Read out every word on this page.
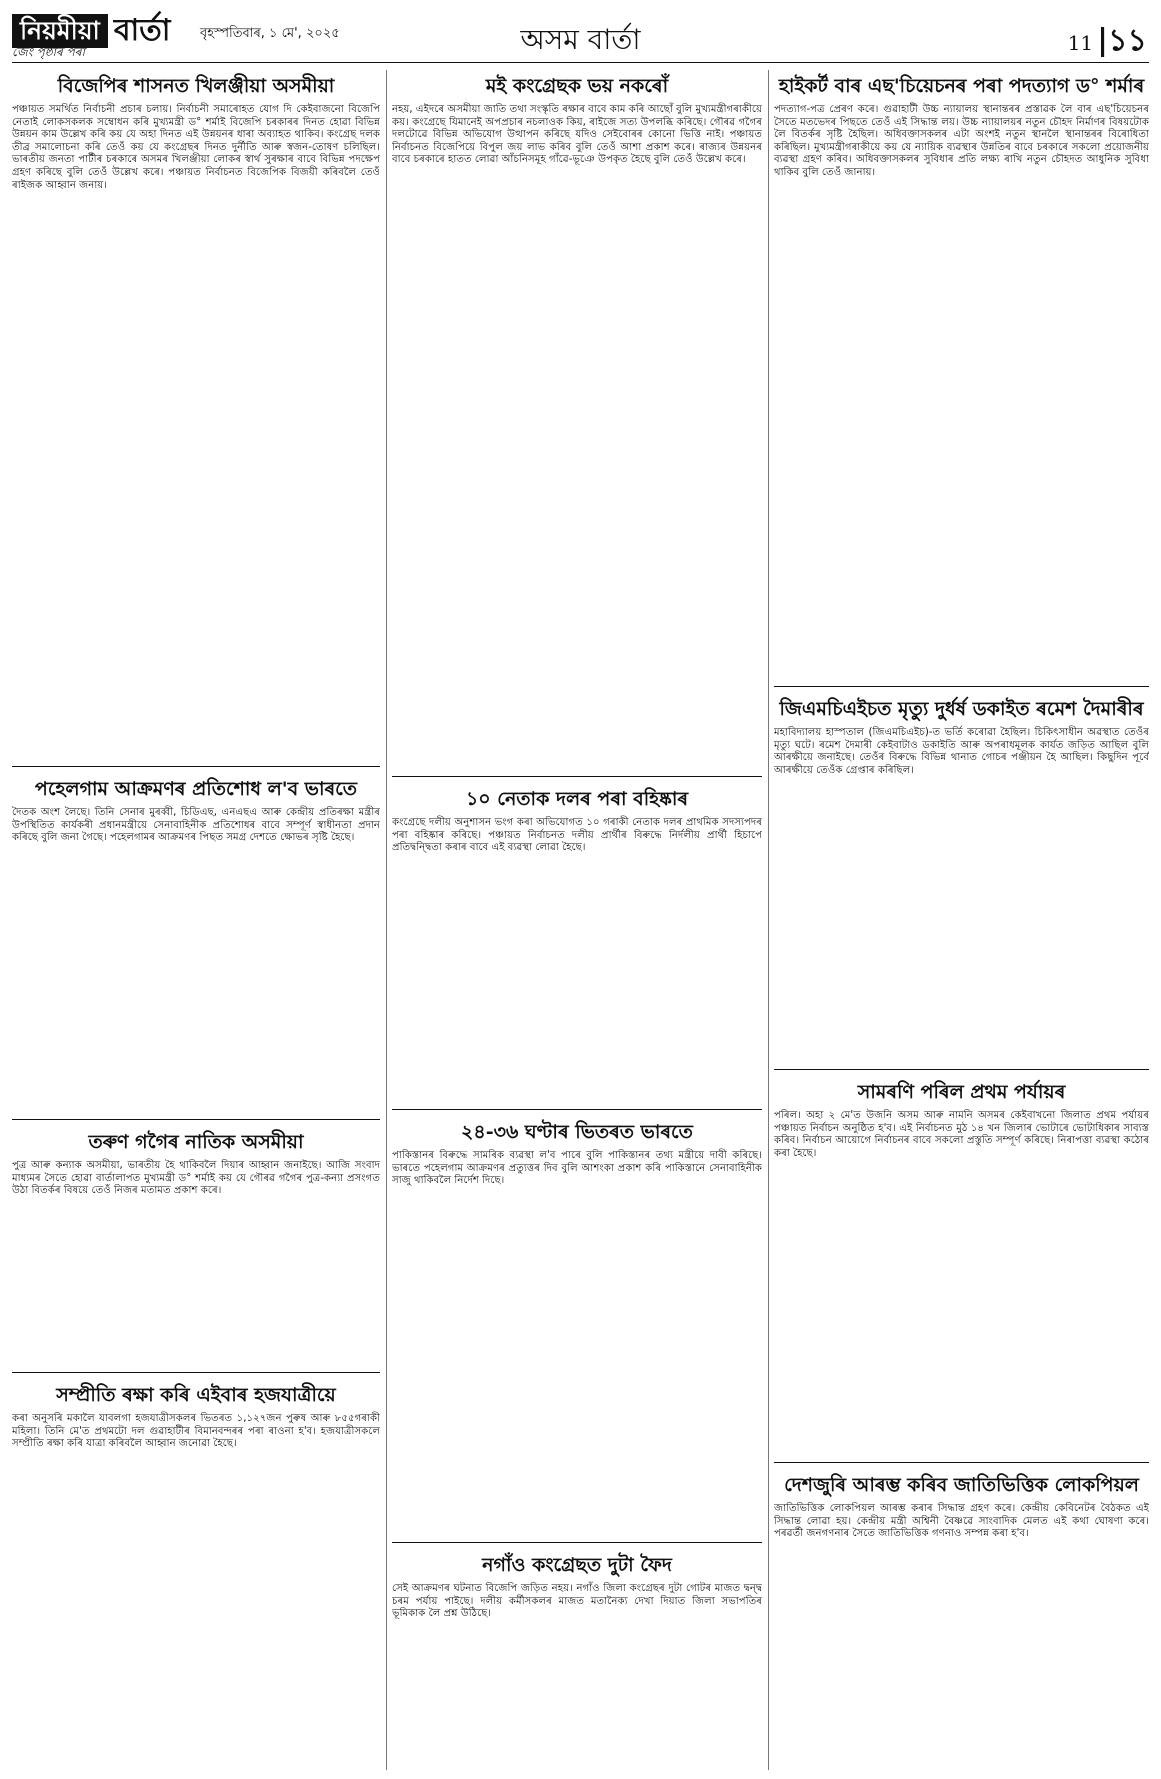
নিয়মীয়া বাৰ্তা বৃহস্পতিবাৰ, ১ মে', ২০২৫	অসম বাৰ্তা	11 |১১
জেং পৃষ্ঠাৰ পৰা
বিজেপিৰ শাসনত খিলঞ্জীয়া অসমীয়া
পঞ্চায়ত সমৰ্থিত নিৰ্বাচনী প্ৰচাৰ চলায়। নিৰ্বাচনী সমাৰোহত যোগ দি কেইবাজনো বিজেপি নেতাই লোকসকলক সম্বোধন কৰি মুখ্যমন্ত্ৰী ড° শৰ্মাই বিজেপি চৰকাৰৰ দিনত হোৱা বিভিন্ন উন্নয়ন কাম উল্লেখ কৰি কয় যে অহা দিনত এই উন্নয়নৰ ধাৰা অব্যাহত থাকিব। কংগ্ৰেছ দলক তীব্ৰ সমালোচনা কৰি তেওঁ কয় যে কংগ্ৰেছৰ দিনত দুৰ্নীতি আৰু স্বজন-তোষণ চলিছিল। ভাৰতীয় জনতা পাৰ্টীৰ চৰকাৰে অসমৰ খিলঞ্জীয়া লোকৰ স্বাৰ্থ সুৰক্ষাৰ বাবে বিভিন্ন পদক্ষেপ গ্ৰহণ কৰিছে বুলি তেওঁ উল্লেখ কৰে। পঞ্চায়ত নিৰ্বাচনত বিজেপিক বিজয়ী কৰিবলৈ তেওঁ ৰাইজক আহ্বান জনায়।
পহেলগাম আক্ৰমণৰ প্ৰতিশোধ ল'ব ভাৰতে
দৈতক অংশ লৈছে। তিনি সেনাৰ মুৰব্বী, চিডিএছ, এনএছএ আৰু কেন্দ্ৰীয় প্ৰতিৰক্ষা মন্ত্ৰীৰ উপস্থিতিত কাৰ্যকৰী প্ৰধানমন্ত্ৰীয়ে সেনাবাহিনীক প্ৰতিশোধৰ বাবে সম্পূৰ্ণ স্বাধীনতা প্ৰদান কৰিছে বুলি জনা গৈছে। পহেলগামৰ আক্ৰমণৰ পিছত সমগ্ৰ দেশতে ক্ষোভৰ সৃষ্টি হৈছে।
তৰুণ গগৈৰ নাতিক অসমীয়া
পুত্ৰ আৰু কন্যাক অসমীয়া, ভাৰতীয় হৈ থাকিবলৈ দিয়াৰ আহ্বান জনাইছে। আজি সংবাদ মাধ্যমৰ সৈতে হোৱা বাৰ্তালাপত মুখ্যমন্ত্ৰী ড° শৰ্মাই কয় যে গৌৰৱ গগৈৰ পুত্ৰ-কন্যা প্ৰসংগত উঠা বিতৰ্কৰ বিষয়ে তেওঁ নিজৰ মতামত প্ৰকাশ কৰে।
সম্প্ৰীতি ৰক্ষা কৰি এইবাৰ হজযাত্ৰীয়ে
কৰা অনুসৰি মকালৈ যাবলগা হজযাত্ৰীসকলৰ ভিতৰত ১,১২৭জন পুৰুষ আৰু ৮৫৫গৰাকী মহিলা। তিনি মে'ত প্ৰথমটো দল গুৱাহাটীৰ বিমানবন্দৰৰ পৰা ৰাওনা হ'ব। হজযাত্ৰীসকলে সম্প্ৰীতি ৰক্ষা কৰি যাত্ৰা কৰিবলৈ আহ্বান জনোৱা হৈছে।
মই কংগ্ৰেছক ভয় নকৰোঁ
নহয়, এইদৰে অসমীয়া জাতি তথা সংস্কৃতি ৰক্ষাৰ বাবে কাম কৰি আছোঁ বুলি মুখ্যমন্ত্ৰীগৰাকীয়ে কয়। কংগ্ৰেছে যিমানেই অপপ্ৰচাৰ নচলাওক কিয়, ৰাইজে সত্য উপলব্ধি কৰিছে। গৌৰৱ গগৈৰ দলটোৱে বিভিন্ন অভিযোগ উত্থাপন কৰিছে যদিও সেইবোৰৰ কোনো ভিত্তি নাই। পঞ্চায়ত নিৰ্বাচনত বিজেপিয়ে বিপুল জয় লাভ কৰিব বুলি তেওঁ আশা প্ৰকাশ কৰে। ৰাজ্যৰ উন্নয়নৰ বাবে চৰকাৰে হাতত লোৱা আঁচনিসমূহ গাঁৱে-ভূঞে উপকৃত হৈছে বুলি তেওঁ উল্লেখ কৰে।
১০ নেতাক দলৰ পৰা বহিষ্কাৰ
কংগ্ৰেছে দলীয় অনুশাসন ভংগ কৰা অভিযোগত ১০ গৰাকী নেতাক দলৰ প্ৰাথমিক সদস্যপদৰ পৰা বহিষ্কাৰ কৰিছে। পঞ্চায়ত নিৰ্বাচনত দলীয় প্ৰাৰ্থীৰ বিৰুদ্ধে নিৰ্দলীয় প্ৰাৰ্থী হিচাপে প্ৰতিদ্বন্দ্বিতা কৰাৰ বাবে এই ব্যৱস্থা লোৱা হৈছে।
২৪-৩৬ ঘণ্টাৰ ভিতৰত ভাৰতে
পাকিস্তানৰ বিৰুদ্ধে সামৰিক ব্যৱস্থা ল'ব পাৰে বুলি পাকিস্তানৰ তথ্য মন্ত্ৰীয়ে দাবী কৰিছে। ভাৰতে পহেলগাম আক্ৰমণৰ প্ৰত্যুত্তৰ দিব বুলি আশংকা প্ৰকাশ কৰি পাকিস্তানে সেনাবাহিনীক সাজু থাকিবলৈ নিৰ্দেশ দিছে।
নগাঁও কংগ্ৰেছত দুটা ফৈদ
সেই আক্ৰমণৰ ঘটনাত বিজেপি জড়িত নহয়। নগাঁও জিলা কংগ্ৰেছৰ দুটা গোটৰ মাজত দ্বন্দ্ব চৰম পৰ্যায় পাইছে। দলীয় কৰ্মীসকলৰ মাজত মতানৈক্য দেখা দিয়াত জিলা সভাপতিৰ ভূমিকাক লৈ প্ৰশ্ন উঠিছে।
হাইকৰ্ট বাৰ এছ'চিয়েচনৰ পৰা পদত্যাগ ড° শৰ্মাৰ
পদত্যাগ-পত্ৰ প্ৰেৰণ কৰে। গুৱাহাটী উচ্চ ন্যায়ালয় স্থানান্তৰৰ প্ৰস্তাৱক লৈ বাৰ এছ'চিয়েচনৰ সৈতে মতভেদৰ পিছতে তেওঁ এই সিদ্ধান্ত লয়। উচ্চ ন্যায়ালয়ৰ নতুন চৌহদ নিৰ্মাণৰ বিষয়টোক লৈ বিতৰ্কৰ সৃষ্টি হৈছিল। অধিবক্তাসকলৰ এটা অংশই নতুন স্থানলৈ স্থানান্তৰৰ বিৰোধিতা কৰিছিল। মুখ্যমন্ত্ৰীগৰাকীয়ে কয় যে ন্যায়িক ব্যৱস্থাৰ উন্নতিৰ বাবে চৰকাৰে সকলো প্ৰয়োজনীয় ব্যৱস্থা গ্ৰহণ কৰিব। অধিবক্তাসকলৰ সুবিধাৰ প্ৰতি লক্ষ্য ৰাখি নতুন চৌহদত আধুনিক সুবিধা থাকিব বুলি তেওঁ জানায়।
জিএমচিএইচত মৃত্যু দুৰ্ধৰ্ষ ডকাইত ৰমেশ দৈমাৰীৰ
মহাবিদ্যালয় হাস্পতাল (জিএমচিএইচ)-ত ভৰ্তি কৰোৱা হৈছিল। চিকিৎসাধীন অৱস্থাত তেওঁৰ মৃত্যু ঘটে। ৰমেশ দৈমাৰী কেইবাটাও ডকাইতি আৰু অপৰাধমূলক কাৰ্যত জড়িত আছিল বুলি আৰক্ষীয়ে জনাইছে। তেওঁৰ বিৰুদ্ধে বিভিন্ন থানাত গোচৰ পঞ্জীয়ন হৈ আছিল। কিছুদিন পূৰ্বে আৰক্ষীয়ে তেওঁক গ্ৰেপ্তাৰ কৰিছিল।
সামৰণি পৰিল প্ৰথম পৰ্যায়ৰ
পৰিল। অহা ২ মে'ত উজনি অসম আৰু নামনি অসমৰ কেইবাখনো জিলাত প্ৰথম পৰ্যায়ৰ পঞ্চায়ত নিৰ্বাচন অনুষ্ঠিত হ'ব। এই নিৰ্বাচনত মুঠ ১৪ খন জিলাৰ ভোটাৰে ভোটাধিকাৰ সাব্যস্ত কৰিব। নিৰ্বাচন আয়োগে নিৰ্বাচনৰ বাবে সকলো প্ৰস্তুতি সম্পূৰ্ণ কৰিছে। নিৰাপত্তা ব্যৱস্থা কঠোৰ কৰা হৈছে।
দেশজুৰি আৰম্ভ কৰিব জাতিভিত্তিক লোকপিয়ল
জাতিভিত্তিক লোকপিয়ল আৰম্ভ কৰাৰ সিদ্ধান্ত গ্ৰহণ কৰে। কেন্দ্ৰীয় কেবিনেটৰ বৈঠকত এই সিদ্ধান্ত লোৱা হয়। কেন্দ্ৰীয় মন্ত্ৰী অশ্বিনী বৈষ্ণৱে সাংবাদিক মেলত এই কথা ঘোষণা কৰে। পৰৱৰ্তী জনগণনাৰ সৈতে জাতিভিত্তিক গণনাও সম্পন্ন কৰা হ'ব।
